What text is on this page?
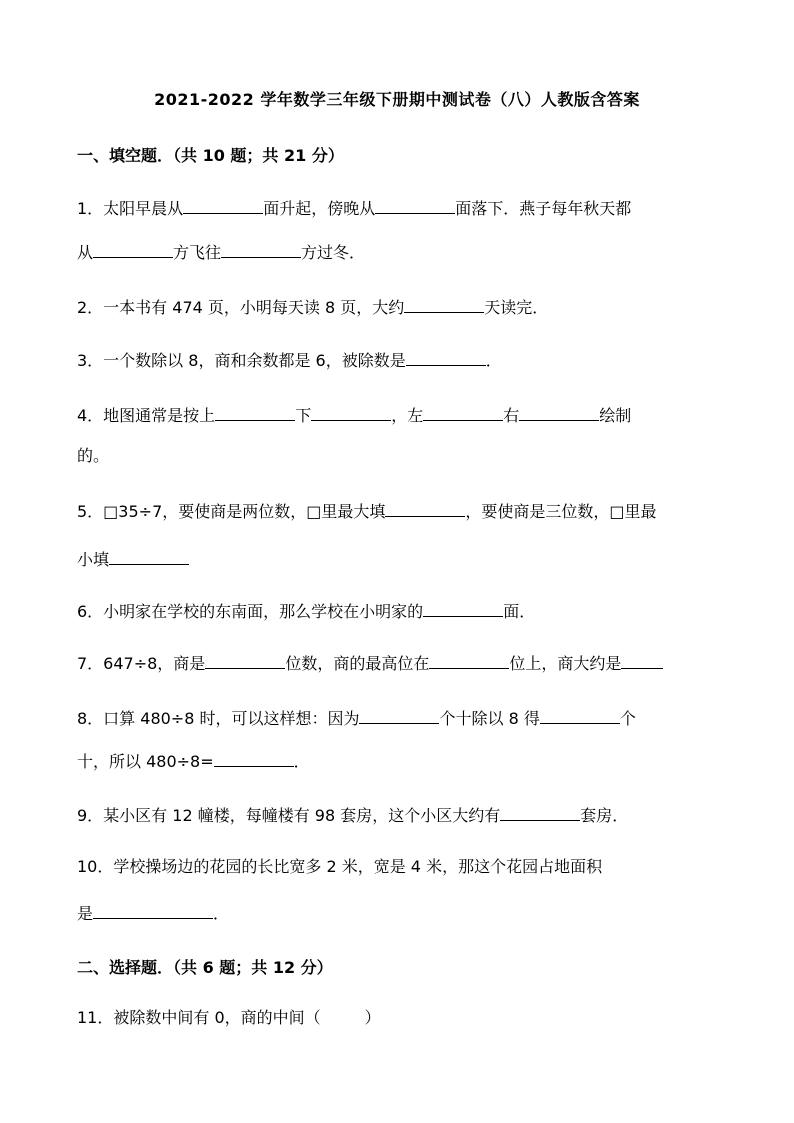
2021-2022 学年数学三年级下册期中测试卷（八）人教版含答案
一、填空题．（共 10 题；共 21 分）
1．太阳早晨从	面升起，傍晚从	面落下．燕子每年秋天都
从	方飞往	方过冬．
2．一本书有 474 页，小明每天读 8 页，大约	天读完．
3．一个数除以 8，商和余数都是 6，被除数是	．
4．地图通常是按上	下	，左	右	绘制
的。
5．□35÷7，要使商是两位数，□里最大填	，要使商是三位数，□里最
小填
6．小明家在学校的东南面，那么学校在小明家的	面．
7．647÷8，商是	位数，商的最高位在	位上，商大约是
8．口算 480÷8 时，可以这样想：因为	个十除以 8 得	个
十，所以 480÷8=	．
9．某小区有 12 幢楼，每幢楼有 98 套房，这个小区大约有	套房．
10．学校操场边的花园的长比宽多 2 米，宽是 4 米，那这个花园占地面积
是	．
二、选择题．（共 6 题；共 12 分）
11．被除数中间有 0，商的中间（	）
